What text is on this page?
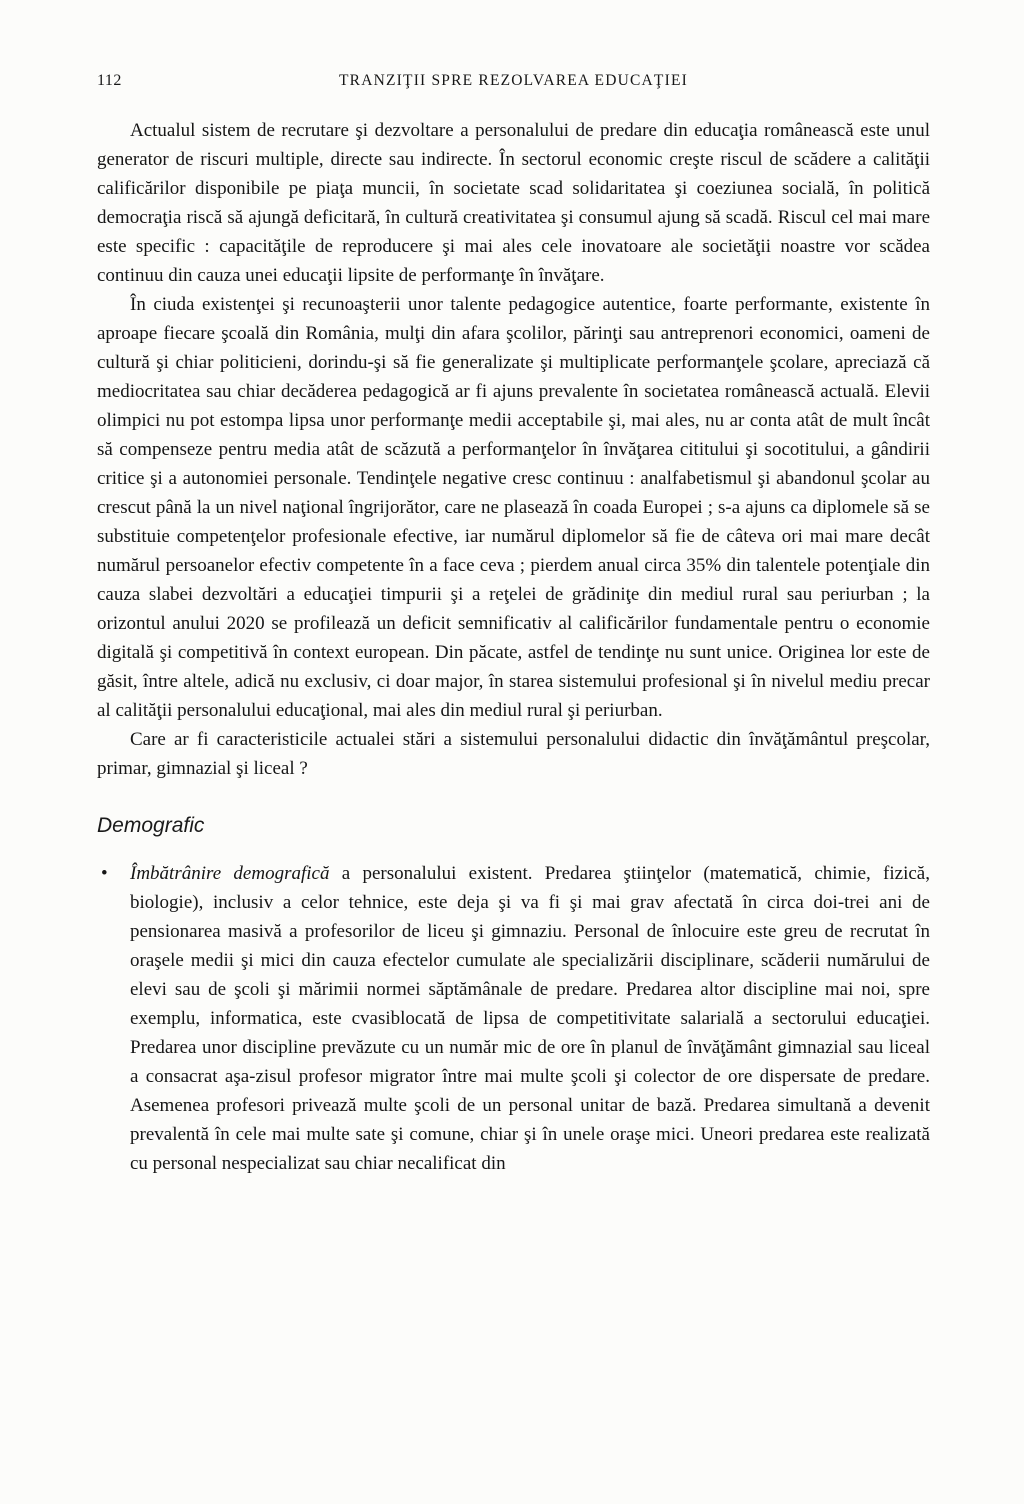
112	TRANZIŢII SPRE REZOLVAREA EDUCAŢIEI

Actualul sistem de recrutare şi dezvoltare a personalului de predare din educaţia românească este unul generator de riscuri multiple, directe sau indirecte. În sectorul economic creşte riscul de scădere a calităţii calificărilor disponibile pe piaţa muncii, în societate scad solidaritatea şi coeziunea socială, în politică democraţia riscă să ajungă deficitară, în cultură creativitatea şi consumul ajung să scadă. Riscul cel mai mare este specific : capacităţile de reproducere şi mai ales cele inovatoare ale societăţii noastre vor scădea continuu din cauza unei educaţii lipsite de performanţe în învăţare.

În ciuda existenţei şi recunoaşterii unor talente pedagogice autentice, foarte performante, existente în aproape fiecare şcoală din România, mulţi din afara şcolilor, părinţi sau antreprenori economici, oameni de cultură şi chiar politicieni, dorindu-şi să fie generalizate şi multiplicate performanţele şcolare, apreciază că mediocritatea sau chiar decăderea pedagogică ar fi ajuns prevalente în societatea românească actuală. Elevii olimpici nu pot estompa lipsa unor performanţe medii acceptabile şi, mai ales, nu ar conta atât de mult încât să compenseze pentru media atât de scăzută a performanţelor în învăţarea cititului şi socotitului, a gândirii critice şi a autonomiei personale. Tendinţele negative cresc continuu : analfabetismul şi abandonul şcolar au crescut până la un nivel naţional îngrijorător, care ne plasează în coada Europei ; s-a ajuns ca diplomele să se substituie competenţelor profesionale efective, iar numărul diplomelor să fie de câteva ori mai mare decât numărul persoanelor efectiv competente în a face ceva ; pierdem anual circa 35% din talentele potenţiale din cauza slabei dezvoltări a educaţiei timpurii şi a reţelei de grădiniţe din mediul rural sau periurban ; la orizontul anului 2020 se profilează un deficit semnificativ al calificărilor fundamentale pentru o economie digitală şi competitivă în context european. Din păcate, astfel de tendinţe nu sunt unice. Originea lor este de găsit, între altele, adică nu exclusiv, ci doar major, în starea sistemului profesional şi în nivelul mediu precar al calităţii personalului educaţional, mai ales din mediul rural şi periurban.

Care ar fi caracteristicile actualei stări a sistemului personalului didactic din învăţământul preşcolar, primar, gimnazial şi liceal ?

Demografic
• Îmbătrânire demografică a personalului existent. Predarea ştiinţelor (matematică, chimie, fizică, biologie), inclusiv a celor tehnice, este deja şi va fi şi mai grav afectată în circa doi-trei ani de pensionarea masivă a profesorilor de liceu şi gimnaziu. Personal de înlocuire este greu de recrutat în oraşele medii şi mici din cauza efectelor cumulate ale specializării disciplinare, scăderii numărului de elevi sau de şcoli şi mărimii normei săptămânale de predare. Predarea altor discipline mai noi, spre exemplu, informatica, este cvasiblocată de lipsa de competitivitate salarială a sectorului educaţiei. Predarea unor discipline prevăzute cu un număr mic de ore în planul de învăţământ gimnazial sau liceal a consacrat aşa-zisul profesor migrator între mai multe şcoli şi colector de ore dispersate de predare. Asemenea profesori privează multe şcoli de un personal unitar de bază. Predarea simultană a devenit prevalentă în cele mai multe sate şi comune, chiar şi în unele oraşe mici. Uneori predarea este realizată cu personal nespecializat sau chiar necalificat din
